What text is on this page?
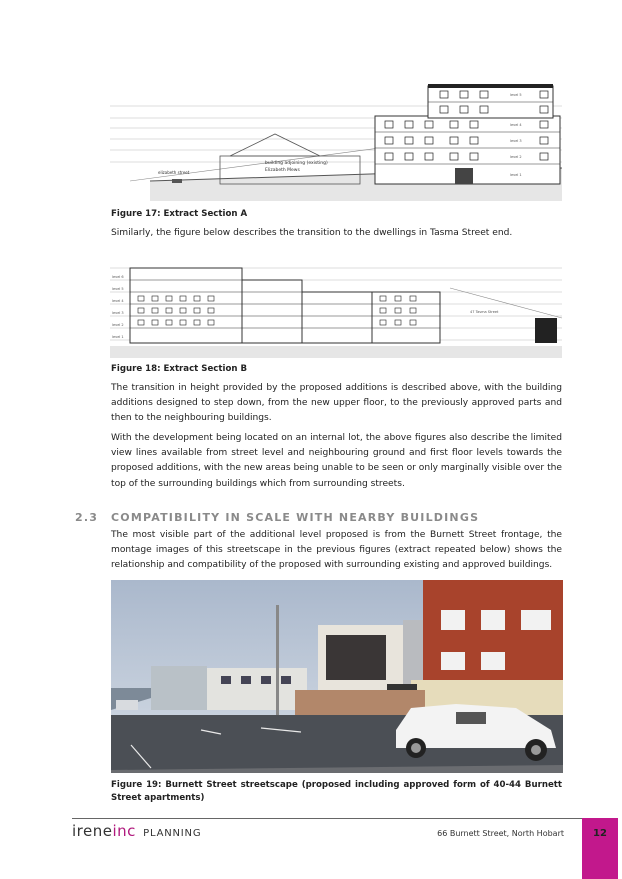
building adjoining (existing)
Elizabeth Mews
elizabeth street
level 5
level 4
level 3
level 2
level 1
Figure 17: Extract Section A
Similarly, the figure below describes the transition to the dwellings in Tasma Street end.
level 6
level 5
level 4
level 3
level 2
level 1
47 Tasma Street
Figure 18: Extract Section B
The transition in height provided by the proposed additions is described above, with the building additions designed to step down, from the new upper floor, to the previously approved parts and then to the neighbouring buildings.
With the development being located on an internal lot, the above figures also describe the limited view lines available from street level and neighbouring ground and first floor levels towards the proposed additions, with the new areas being unable to be seen or only marginally visible over the top of the surrounding buildings which from surrounding streets.
2.3 COMPATIBILITY IN SCALE WITH NEARBY BUILDINGS
The most visible part of the additional level proposed is from the Burnett Street frontage, the montage images of this streetscape in the previous figures (extract repeated below) shows the relationship and compatibility of the proposed with surrounding existing and approved buildings.
Figure 19: Burnett Street streetscape (proposed including approved form of 40-44 Burnett Street apartments)
ireneinc PLANNING	66 Burnett Street, North Hobart	12
